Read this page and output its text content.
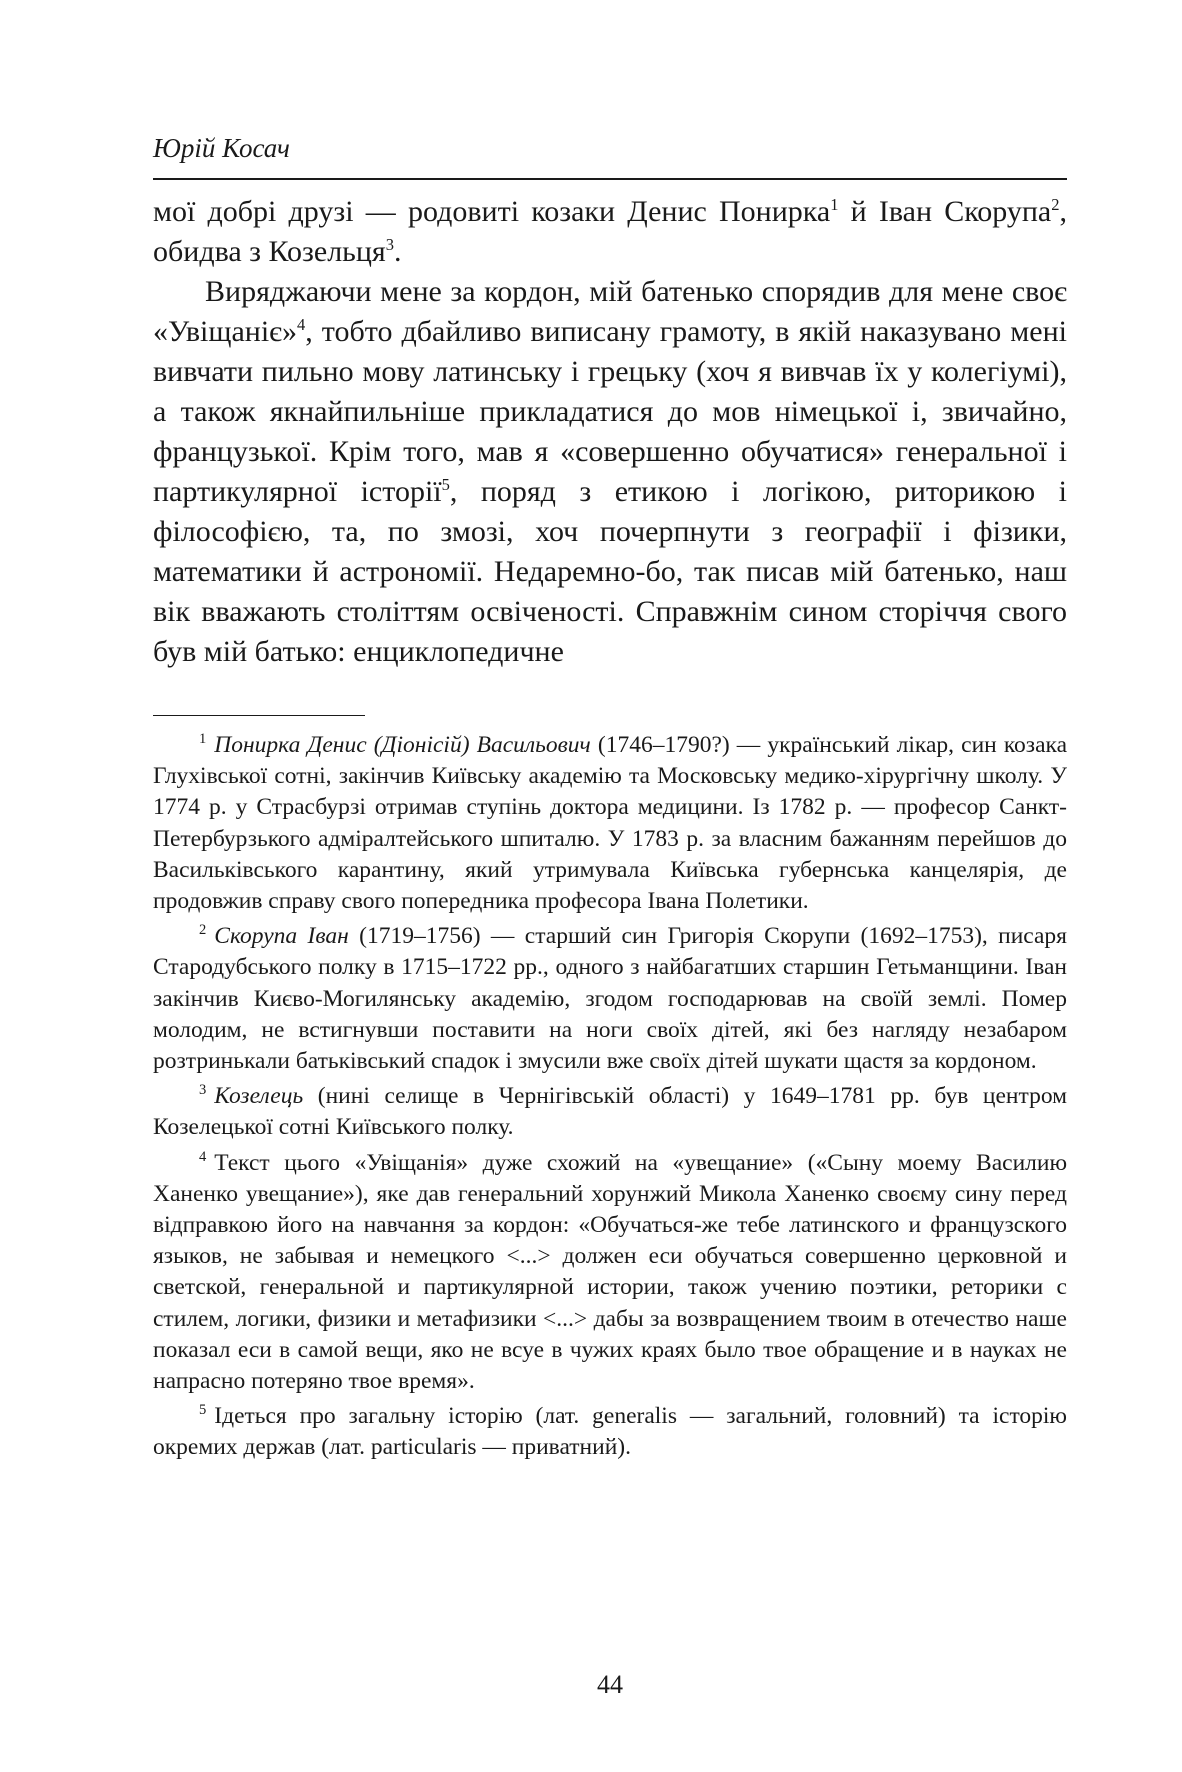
Юрій Косач

мої добрі друзі — родовиті козаки Денис Понирка$^1$ й Іван Скорупа$^2$, обидва з Козельця$^3$.

Виряджаючи мене за кордон, мій батенько спорядив для мене своє «Увіщаніє»$^4$, тобто дбайливо виписану грамоту, в якій наказувано мені вивчати пильно мову латинську і грецьку (хоч я вивчав їх у колегіумі), а також якнайпильніше прикладатися до мов німецької і, звичайно, французької. Крім того, мав я «совершенно обучатися» генеральної і партикулярної історії$^5$, поряд з етикою і логікою, риторикою і філософією, та, по змозі, хоч почерпнути з географії і фізики, математики й астрономії. Недаремно-бо, так писав мій батенько, наш вік вважають століттям освіченості. Справжнім сином сторіччя свого був мій батько: енциклопедичне

$^1$ Понирка Денис (Діонісій) Васильович (1746–1790?) — український лікар, син козака Глухівської сотні, закінчив Київську академію та Московську медико-хірургічну школу. У 1774 р. у Страсбурзі отримав ступінь доктора медицини. Із 1782 р. — професор Санкт-Петербурзького адміралтейського шпиталю. У 1783 р. за власним бажанням перейшов до Васильківського карантину, який утримувала Київська губернська канцелярія, де продовжив справу свого попередника професора Івана Полетики.

$^2$ Скорупа Іван (1719–1756) — старший син Григорія Скорупи (1692–1753), писаря Стародубського полку в 1715–1722 рр., одного з найбагатших старшин Гетьманщини. Іван закінчив Києво-Могилянську академію, згодом господарював на своїй землі. Помер молодим, не встигнувши поставити на ноги своїх дітей, які без нагляду незабаром розтринькали батьківський спадок і змусили вже своїх дітей шукати щастя за кордоном.

$^3$ Козелець (нині селище в Чернігівській області) у 1649–1781 рр. був центром Козелецької сотні Київського полку.

$^4$ Текст цього «Увіщанія» дуже схожий на «увещание» («Сыну моему Василию Ханенко увещание»), яке дав генеральний хорунжий Микола Ханенко своєму сину перед відправкою його на навчання за кордон: «Обучаться-же тебе латинского и французского языков, не забывая и немецкого <...> должен еси обучаться совершенно церковной и светской, генеральной и партикулярной истории, також учению поэтики, реторики с стилем, логики, физики и метафизики <...> дабы за возвращением твоим в отечество наше показал еси в самой вещи, яко не всуе в чужих краях было твое обращение и в науках не напрасно потеряно твое время».

$^5$ Ідеться про загальну історію (лат. generalis — загальний, головний) та історію окремих держав (лат. particularis — приватний).

44
